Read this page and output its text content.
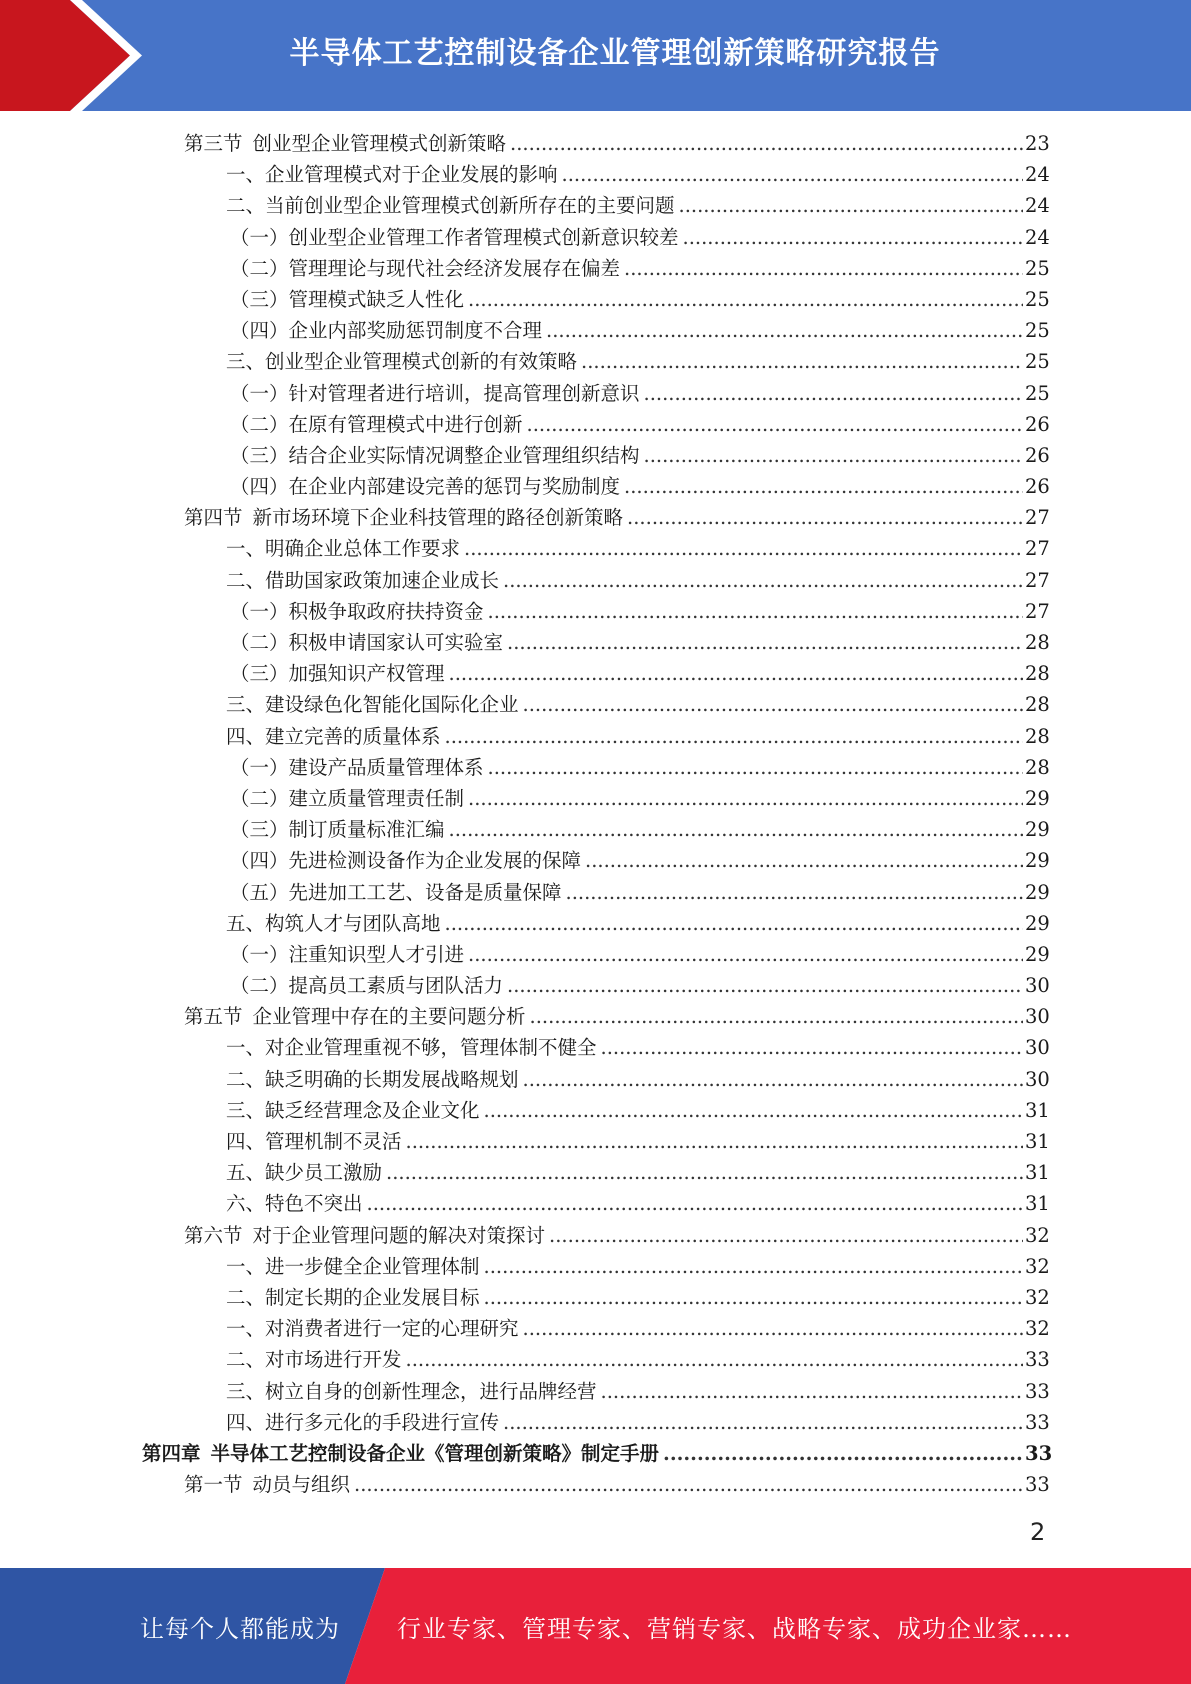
半导体工艺控制设备企业管理创新策略研究报告
第三节 创业型企业管理模式创新策略 .....	23
一、企业管理模式对于企业发展的影响 .....	24
二、当前创业型企业管理模式创新所存在的主要问题 .....	24
（一）创业型企业管理工作者管理模式创新意识较差 .....	24
（二）管理理论与现代社会经济发展存在偏差 .....	25
（三）管理模式缺乏人性化 .....	25
（四）企业内部奖励惩罚制度不合理 .....	25
三、创业型企业管理模式创新的有效策略 .....	25
（一）针对管理者进行培训，提高管理创新意识 .....	25
（二）在原有管理模式中进行创新 .....	26
（三）结合企业实际情况调整企业管理组织结构 .....	26
（四）在企业内部建设完善的惩罚与奖励制度 .....	26
第四节 新市场环境下企业科技管理的路径创新策略 .....	27
一、明确企业总体工作要求 .....	27
二、借助国家政策加速企业成长 .....	27
（一）积极争取政府扶持资金 .....	27
（二）积极申请国家认可实验室 .....	28
（三）加强知识产权管理 .....	28
三、建设绿色化智能化国际化企业 .....	28
四、建立完善的质量体系 .....	28
（一）建设产品质量管理体系 .....	28
（二）建立质量管理责任制 .....	29
（三）制订质量标准汇编 .....	29
（四）先进检测设备作为企业发展的保障 .....	29
（五）先进加工工艺、设备是质量保障 .....	29
五、构筑人才与团队高地 .....	29
（一）注重知识型人才引进 .....	29
（二）提高员工素质与团队活力 .....	30
第五节 企业管理中存在的主要问题分析 .....	30
一、对企业管理重视不够，管理体制不健全 .....	30
二、缺乏明确的长期发展战略规划 .....	30
三、缺乏经营理念及企业文化 .....	31
四、管理机制不灵活 .....	31
五、缺少员工激励 .....	31
六、特色不突出 .....	31
第六节 对于企业管理问题的解决对策探讨 .....	32
一、进一步健全企业管理体制 .....	32
二、制定长期的企业发展目标 .....	32
一、对消费者进行一定的心理研究 .....	32
二、对市场进行开发 .....	33
三、树立自身的创新性理念，进行品牌经营 .....	33
四、进行多元化的手段进行宣传 .....	33
第四章 半导体工艺控制设备企业《管理创新策略》制定手册 .....	33
第一节 动员与组织 .....	33
2
让每个人都能成为 行业专家、管理专家、营销专家、战略专家、成功企业家……
